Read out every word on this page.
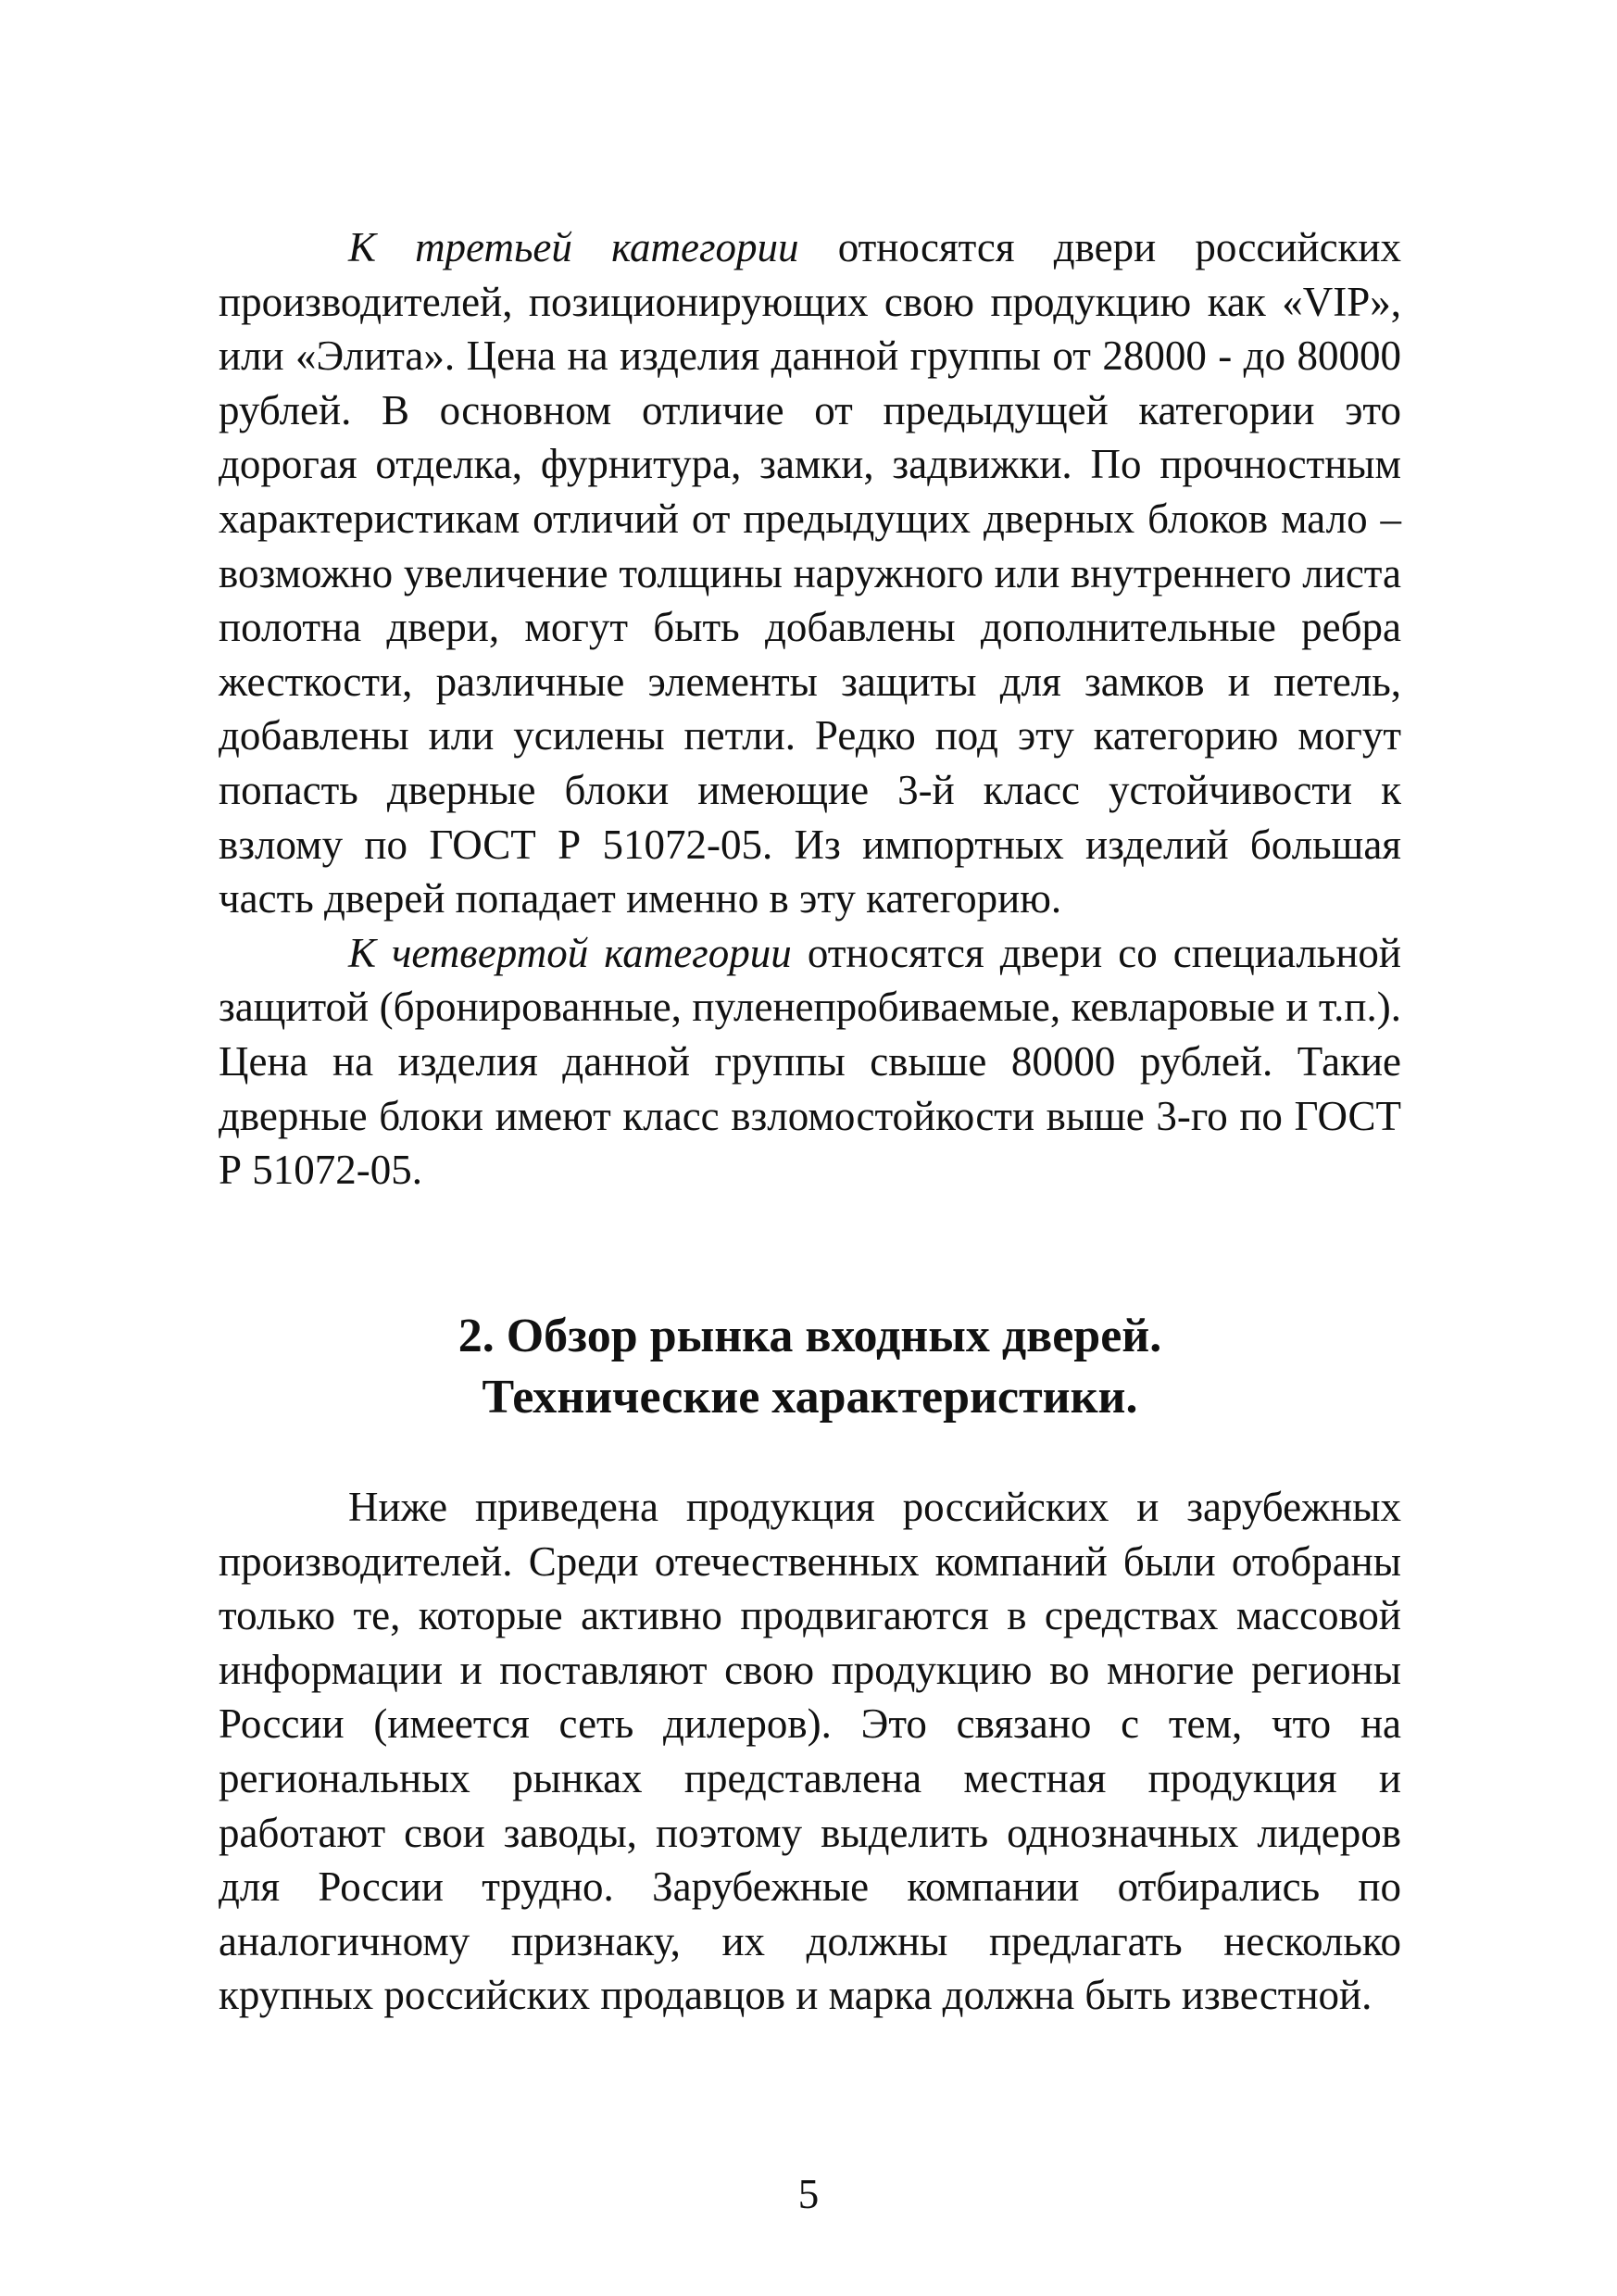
К третьей категории относятся двери российских производителей, позиционирующих свою продукцию как «VIP», или «Элита». Цена на изделия данной группы от 28000 - до 80000 рублей. В основном отличие от предыдущей категории это дорогая отделка, фурнитура, замки, задвижки. По прочностным характеристикам отличий от предыдущих дверных блоков мало – возможно увеличение толщины наружного или внутреннего листа полотна двери, могут быть добавлены дополнительные ребра жесткости, различные элементы защиты для замков и петель, добавлены или усилены петли. Редко под эту категорию могут попасть дверные блоки имеющие 3-й класс устойчивости к взлому по ГОСТ Р 51072-05. Из импортных изделий большая часть дверей попадает именно в эту категорию.

К четвертой категории относятся двери со специальной защитой (бронированные, пуленепробиваемые, кевларовые и т.п.). Цена на изделия данной группы свыше 80000 рублей. Такие дверные блоки имеют класс взломостойкости выше 3-го по ГОСТ Р 51072-05.

2. Обзор рынка входных дверей.
Технические характеристики.

Ниже приведена продукция российских и зарубежных производителей. Среди отечественных компаний были отобраны только те, которые активно продвигаются в средствах массовой информации и поставляют свою продукцию во многие регионы России (имеется сеть дилеров). Это связано с тем, что на региональных рынках представлена местная продукция и работают свои заводы, поэтому выделить однозначных лидеров для России трудно. Зарубежные компании отбирались по аналогичному признаку, их должны предлагать несколько крупных российских продавцов и марка должна быть известной.

5
